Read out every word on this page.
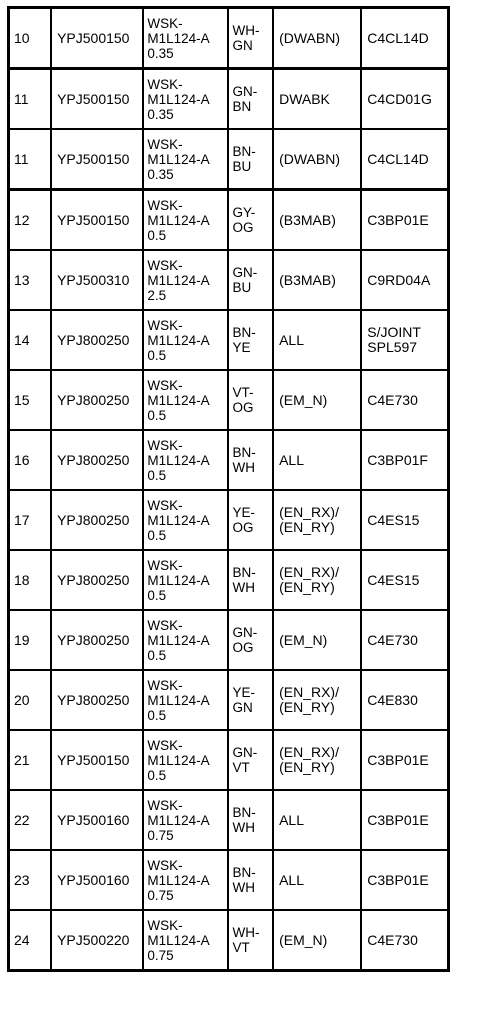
10	YPJ500150	WSK-
M1L124-A
0.35	WH-
GN	(DWABN)	C4CL14D
11	YPJ500150	WSK-
M1L124-A
0.35	GN-
BN	DWABK	C4CD01G
11	YPJ500150	WSK-
M1L124-A
0.35	BN-
BU	(DWABN)	C4CL14D
12	YPJ500150	WSK-
M1L124-A
0.5	GY-
OG	(B3MAB)	C3BP01E
13	YPJ500310	WSK-
M1L124-A
2.5	GN-
BU	(B3MAB)	C9RD04A
14	YPJ800250	WSK-
M1L124-A
0.5	BN-
YE	ALL	S/JOINT
SPL597
15	YPJ800250	WSK-
M1L124-A
0.5	VT-
OG	(EM_N)	C4E730
16	YPJ800250	WSK-
M1L124-A
0.5	BN-
WH	ALL	C3BP01F
17	YPJ800250	WSK-
M1L124-A
0.5	YE-
OG	(EN_RX)/
(EN_RY)	C4ES15
18	YPJ800250	WSK-
M1L124-A
0.5	BN-
WH	(EN_RX)/
(EN_RY)	C4ES15
19	YPJ800250	WSK-
M1L124-A
0.5	GN-
OG	(EM_N)	C4E730
20	YPJ800250	WSK-
M1L124-A
0.5	YE-
GN	(EN_RX)/
(EN_RY)	C4E830
21	YPJ500150	WSK-
M1L124-A
0.5	GN-
VT	(EN_RX)/
(EN_RY)	C3BP01E
22	YPJ500160	WSK-
M1L124-A
0.75	BN-
WH	ALL	C3BP01E
23	YPJ500160	WSK-
M1L124-A
0.75	BN-
WH	ALL	C3BP01E
24	YPJ500220	WSK-
M1L124-A
0.75	WH-
VT	(EM_N)	C4E730
